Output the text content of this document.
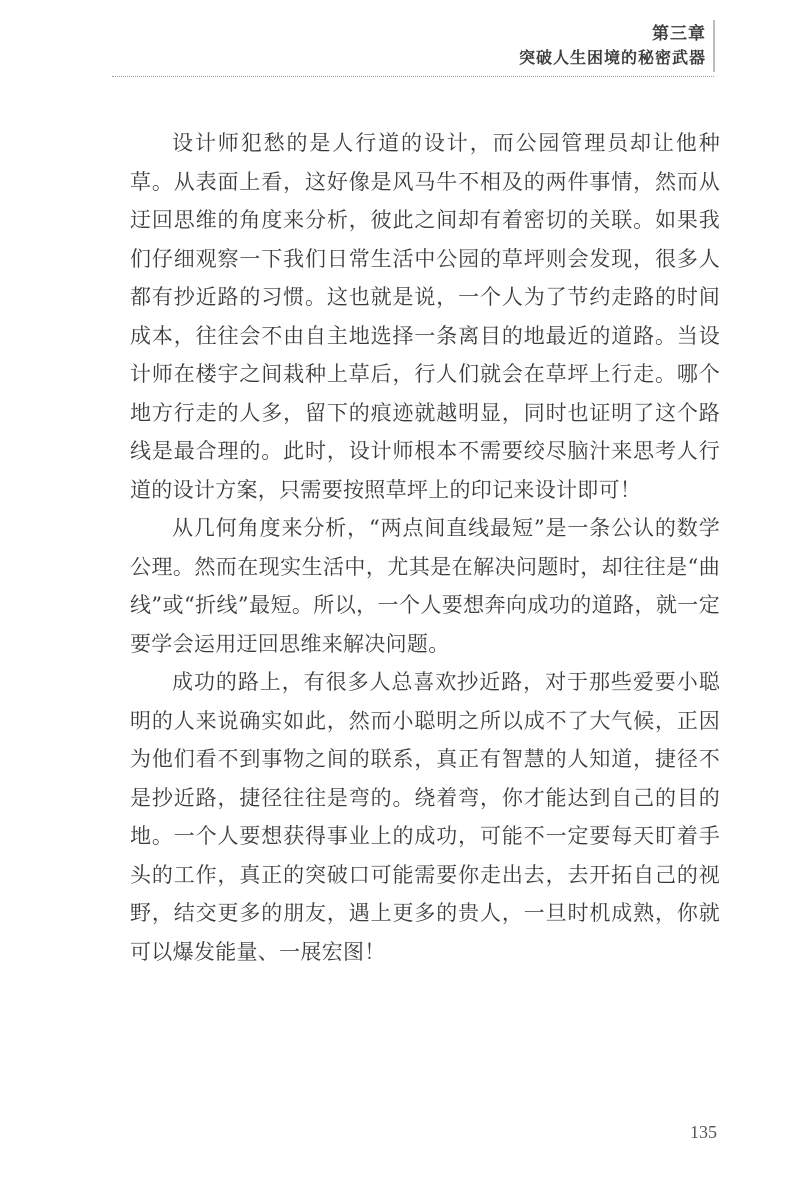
第三章
突破人生困境的秘密武器

设计师犯愁的是人行道的设计，而公园管理员却让他种草。从表面上看，这好像是风马牛不相及的两件事情，然而从迂回思维的角度来分析，彼此之间却有着密切的关联。如果我们仔细观察一下我们日常生活中公园的草坪则会发现，很多人都有抄近路的习惯。这也就是说，一个人为了节约走路的时间成本，往往会不由自主地选择一条离目的地最近的道路。当设计师在楼宇之间栽种上草后，行人们就会在草坪上行走。哪个地方行走的人多，留下的痕迹就越明显，同时也证明了这个路线是最合理的。此时，设计师根本不需要绞尽脑汁来思考人行道的设计方案，只需要按照草坪上的印记来设计即可！

从几何角度来分析，“两点间直线最短”是一条公认的数学公理。然而在现实生活中，尤其是在解决问题时，却往往是“曲线”或“折线”最短。所以，一个人要想奔向成功的道路，就一定要学会运用迂回思维来解决问题。

成功的路上，有很多人总喜欢抄近路，对于那些爱要小聪明的人来说确实如此，然而小聪明之所以成不了大气候，正因为他们看不到事物之间的联系，真正有智慧的人知道，捷径不是抄近路，捷径往往是弯的。绕着弯，你才能达到自己的目的地。一个人要想获得事业上的成功，可能不一定要每天盯着手头的工作，真正的突破口可能需要你走出去，去开拓自己的视野，结交更多的朋友，遇上更多的贵人，一旦时机成熟，你就可以爆发能量、一展宏图！

135
